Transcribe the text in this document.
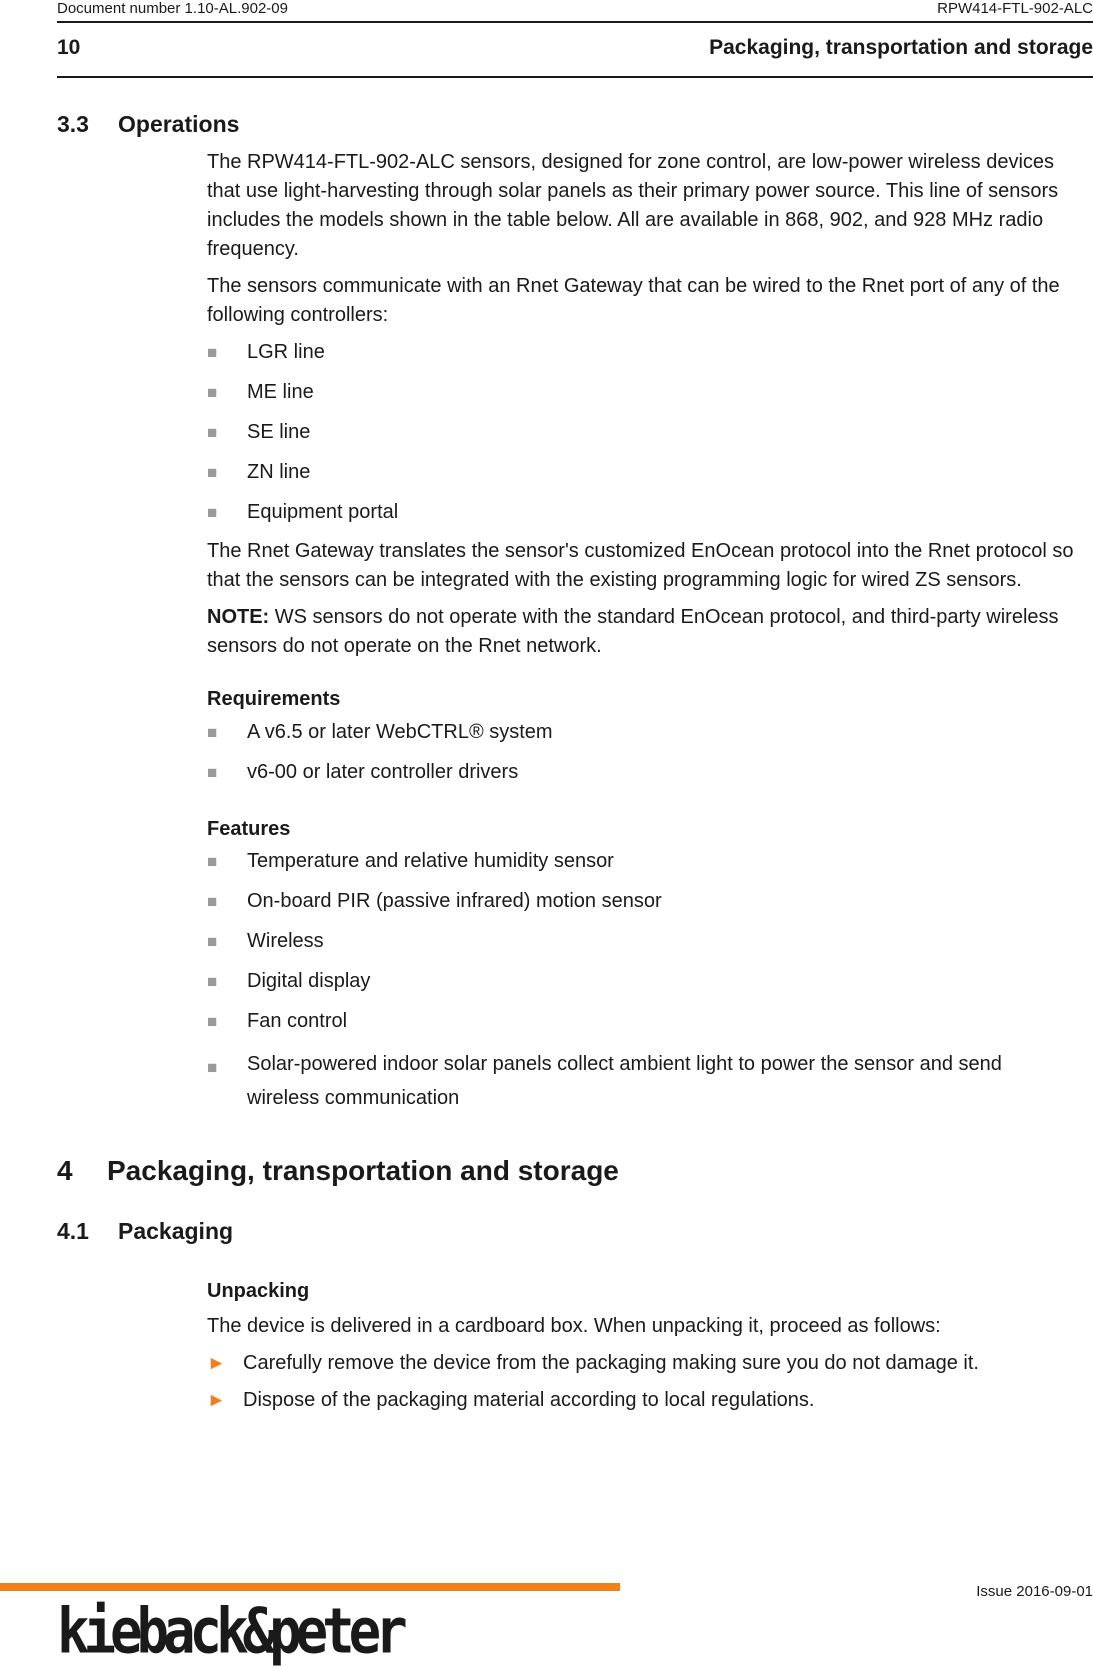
Document number 1.10-AL.902-09	RPW414-FTL-902-ALC
10	Packaging, transportation and storage
3.3 Operations

The RPW414-FTL-902-ALC sensors, designed for zone control, are low-power wireless devices that use light-harvesting through solar panels as their primary power source. This line of sensors includes the models shown in the table below. All are available in 868, 902, and 928 MHz radio frequency.

The sensors communicate with an Rnet Gateway that can be wired to the Rnet port of any of the following controllers:

■ LGR line

■ ME line

■ SE line

■ ZN line

■ Equipment portal

The Rnet Gateway translates the sensor's customized EnOcean protocol into the Rnet protocol so that the sensors can be integrated with the existing programming logic for wired ZS sensors.

NOTE: WS sensors do not operate with the standard EnOcean protocol, and third-party wireless sensors do not operate on the Rnet network.

Requirements

■ A v6.5 or later WebCTRL® system

■ v6-00 or later controller drivers

Features

■ Temperature and relative humidity sensor

■ On-board PIR (passive infrared) motion sensor

■ Wireless

■ Digital display

■ Fan control

■ Solar-powered indoor solar panels collect ambient light to power the sensor and send wireless communication

4 Packaging, transportation and storage
4.1 Packaging

Unpacking

The device is delivered in a cardboard box. When unpacking it, proceed as follows:

► Carefully remove the device from the packaging making sure you do not damage it.

► Dispose of the packaging material according to local regulations.

Issue 2016-09-01
kieback&peter
